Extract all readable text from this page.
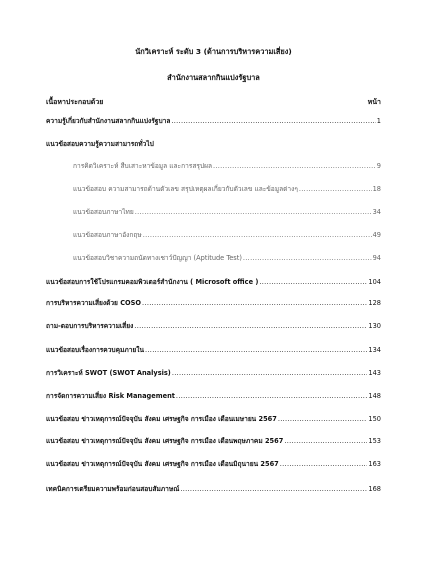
นักวิเคราะห์ ระดับ 3 (ด้านการบริหารความเสี่ยง)
สำนักงานสลากกินแบ่งรัฐบาล
เนื้อหาประกอบด้วย	หน้า
ความรู้เกี่ยวกับสำนักงานสลากกินแบ่งรัฐบาล .....	1
แนวข้อสอบความรู้ความสามารถทั่วไป
การคิดวิเคราะห์ สืบเสาะหาข้อมูล และการสรุปผล .....	9
แนวข้อสอบ ความสามารถด้านตัวเลข สรุปเหตุผลเกี่ยวกับตัวเลข และข้อมูลต่างๆ .....	18
แนวข้อสอบภาษาไทย .....	34
แนวข้อสอบภาษาอังกฤษ .....	49
แนวข้อสอบวิชาความถนัดทางเชาว์ปัญญา (Aptitude Test) .....	94
แนวข้อสอบการใช้โปรแกรมคอมพิวเตอร์สำนักงาน ( Microsoft office ) .....	104
การบริหารความเสี่ยงด้วย COSO .....	128
ถาม-ตอบการบริหารความเสี่ยง .....	130
แนวข้อสอบเรื่องการควบคุมภายใน .....	134
การวิเคราะห์ SWOT (SWOT Analysis) .....	143
การจัดการความเสี่ยง Risk Management .....	148
แนวข้อสอบ ข่าวเหตุการณ์ปัจจุบัน สังคม เศรษฐกิจ การเมือง เดือนเมษายน 2567 .....	150
แนวข้อสอบ ข่าวเหตุการณ์ปัจจุบัน สังคม เศรษฐกิจ การเมือง เดือนพฤษภาคม 2567 .....	153
แนวข้อสอบ ข่าวเหตุการณ์ปัจจุบัน สังคม เศรษฐกิจ การเมือง เดือนมิถุนายน 2567 .....	163
เทคนิคการเตรียมความพร้อมก่อนสอบสัมภาษณ์ .....	168
